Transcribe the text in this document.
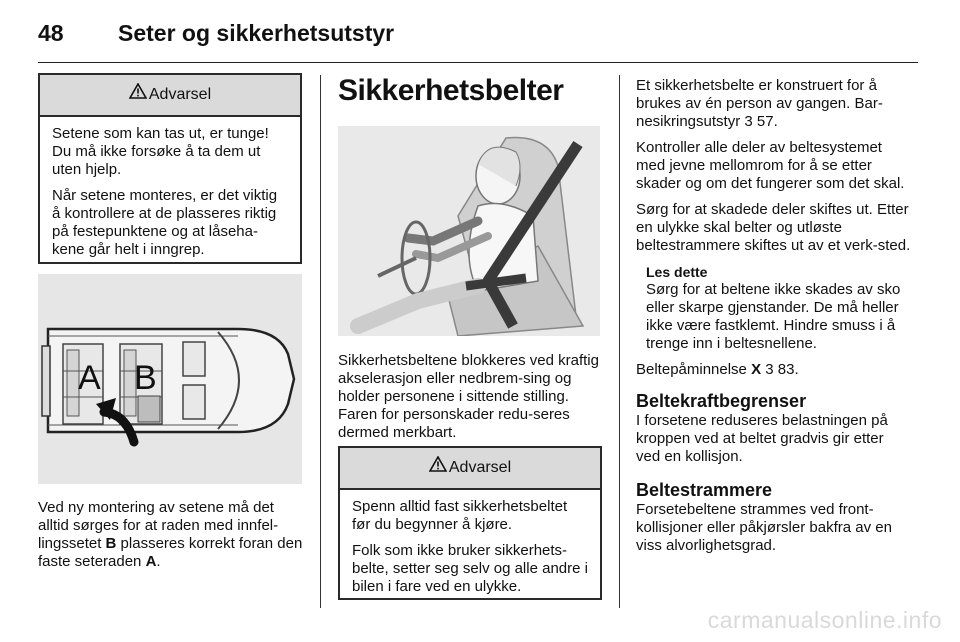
48 Seter og sikkerhetsutstyr
Advarsel

Setene som kan tas ut, er tunge! Du må ikke forsøke å ta dem ut uten hjelp.

Når setene monteres, er det viktig å kontrollere at de plasseres riktig på festepunktene og at låseha-kene går helt i inngrep.

A B
Ved ny montering av setene må det alltid sørges for at raden med innfel-lingssetet B plasseres korrekt foran den faste seteraden A.
Sikkerhetsbelter
Sikkerhetsbeltene blokkeres ved kraftig akselerasjon eller nedbrem-sing og holder personene i sittende stilling. Faren for personskader redu-seres dermed merkbart.
Advarsel

Spenn alltid fast sikkerhetsbeltet før du begynner å kjøre.

Folk som ikke bruker sikkerhets-belte, setter seg selv og alle andre i bilen i fare ved en ulykke.

Et sikkerhetsbelte er konstruert for å brukes av én person av gangen. Bar-nesikringsutstyr 3 57.

Kontroller alle deler av beltesystemet med jevne mellomrom for å se etter skader og om det fungerer som det skal.

Sørg for at skadede deler skiftes ut. Etter en ulykke skal belter og utløste beltestrammere skiftes ut av et verk-sted.

Les dette
Sørg for at beltene ikke skades av sko eller skarpe gjenstander. De må heller ikke være fastklemt. Hindre smuss i å trenge inn i beltesnellene.

Beltepåminnelse X 3 83.

Beltekraftbegrenser

I forsetene reduseres belastningen på kroppen ved at beltet gradvis gir etter ved en kollisjon.

Beltestrammere

Forsetebeltene strammes ved front-kollisjoner eller påkjørsler bakfra av en viss alvorlighetsgrad.

carmanualsonline.info
